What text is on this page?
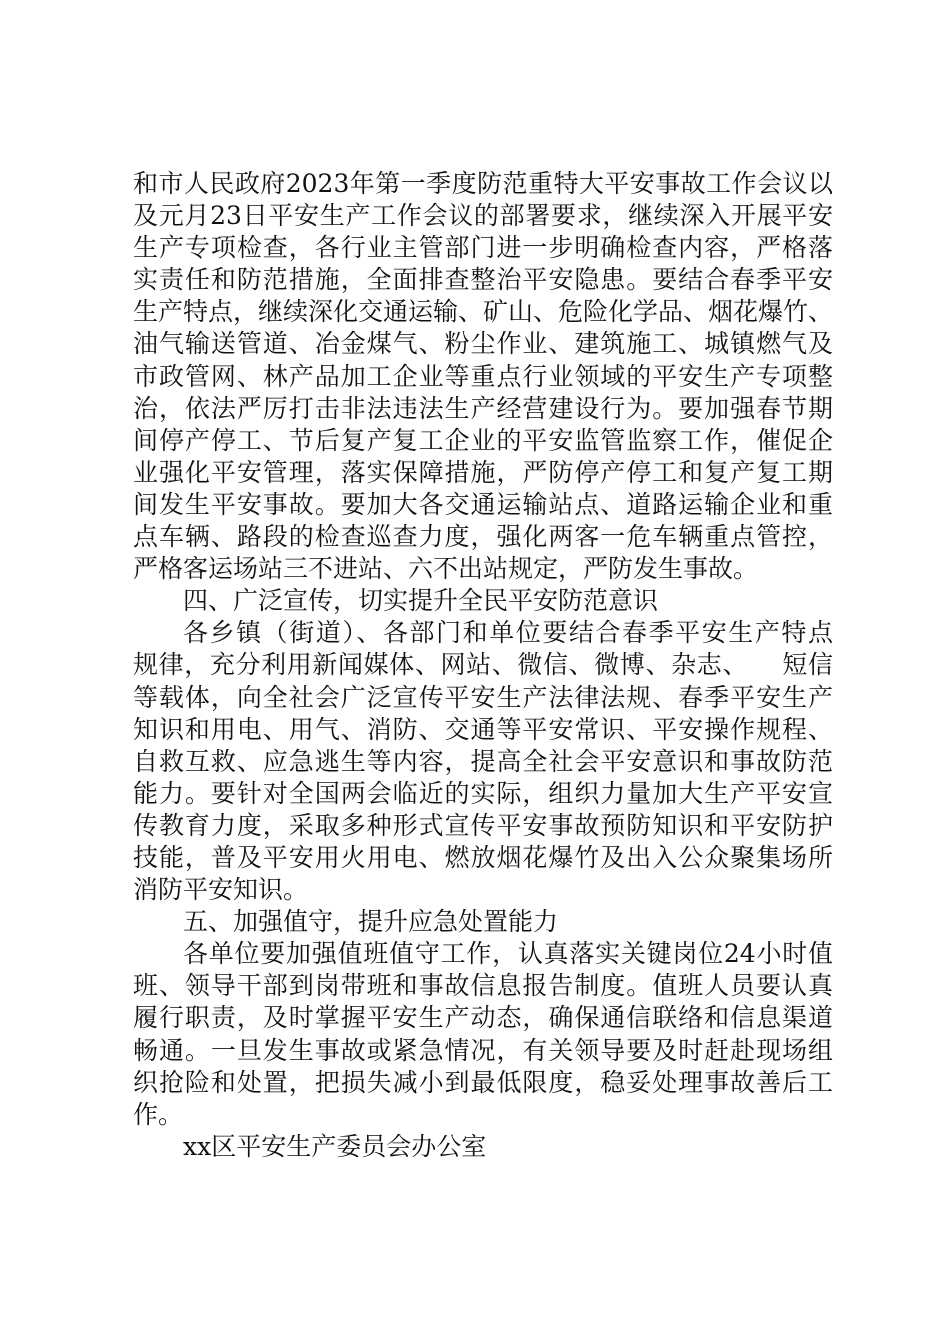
和市人民政府2023年第一季度防范重特大平安事故工作会议以
及元月23日平安生产工作会议的部署要求，继续深入开展平安
生产专项检查，各行业主管部门进一步明确检查内容，严格落
实责任和防范措施，全面排查整治平安隐患。要结合春季平安
生产特点，继续深化交通运输、矿山、危险化学品、烟花爆竹、
油气输送管道、冶金煤气、粉尘作业、建筑施工、城镇燃气及
市政管网、林产品加工企业等重点行业领域的平安生产专项整
治，依法严厉打击非法违法生产经营建设行为。要加强春节期
间停产停工、节后复产复工企业的平安监管监察工作，催促企
业强化平安管理，落实保障措施，严防停产停工和复产复工期
间发生平安事故。要加大各交通运输站点、道路运输企业和重
点车辆、路段的检查巡查力度，强化两客一危车辆重点管控，
严格客运场站三不进站、六不出站规定，严防发生事故。
四、广泛宣传，切实提升全民平安防范意识
各乡镇（街道）、各部门和单位要结合春季平安生产特点
规律，充分利用新闻媒体、网站、微信、微博、杂志、    短信
等载体，向全社会广泛宣传平安生产法律法规、春季平安生产
知识和用电、用气、消防、交通等平安常识、平安操作规程、
自救互救、应急逃生等内容，提高全社会平安意识和事故防范
能力。要针对全国两会临近的实际，组织力量加大生产平安宣
传教育力度，采取多种形式宣传平安事故预防知识和平安防护
技能，普及平安用火用电、燃放烟花爆竹及出入公众聚集场所
消防平安知识。
五、加强值守，提升应急处置能力
各单位要加强值班值守工作，认真落实关键岗位24小时值
班、领导干部到岗带班和事故信息报告制度。值班人员要认真
履行职责，及时掌握平安生产动态，确保通信联络和信息渠道
畅通。一旦发生事故或紧急情况，有关领导要及时赶赴现场组
织抢险和处置，把损失减小到最低限度，稳妥处理事故善后工
作。
xx区平安生产委员会办公室
